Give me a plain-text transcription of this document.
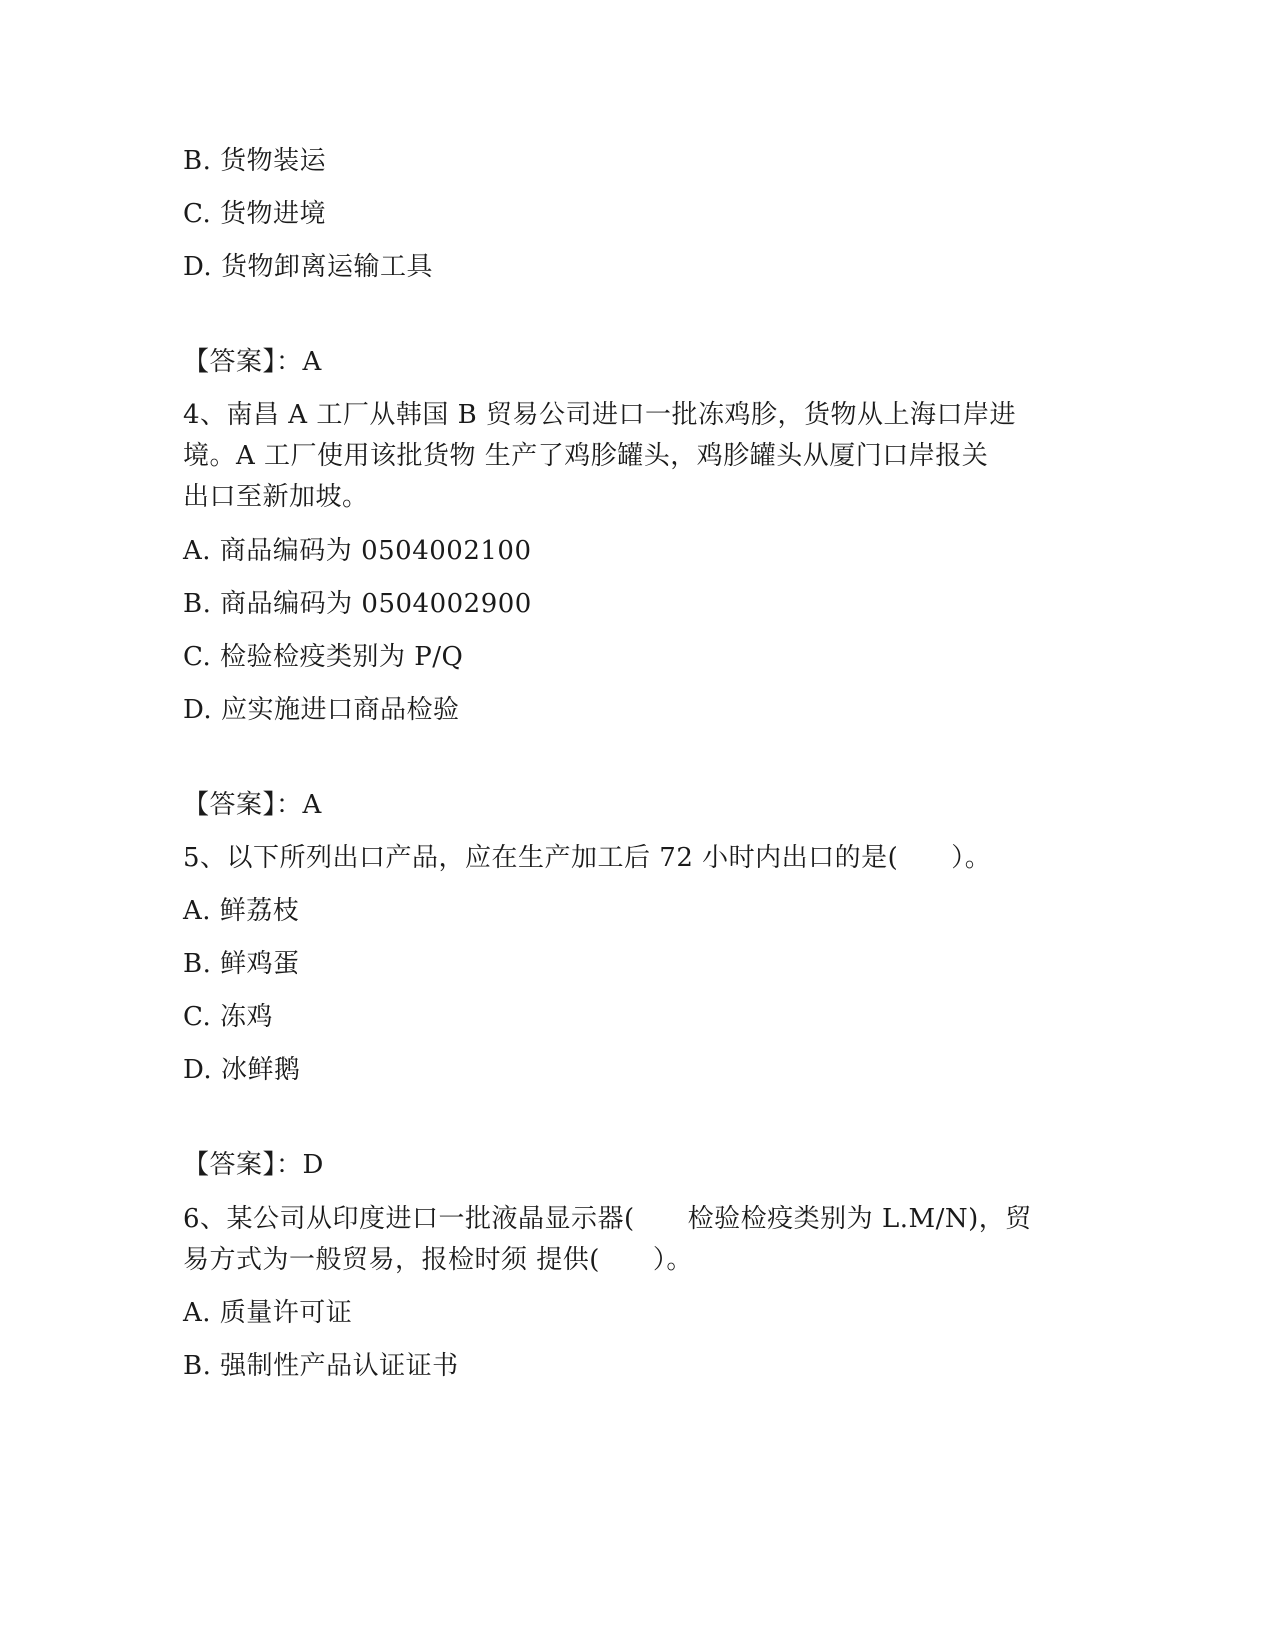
B. 货物装运
C. 货物进境
D. 货物卸离运输工具
【答案】：A
4、南昌 A 工厂从韩国 B 贸易公司进口一批冻鸡胗，货物从上海口岸进
境。A 工厂使用该批货物 生产了鸡胗罐头，鸡胗罐头从厦门口岸报关
出口至新加坡。
A. 商品编码为 0504002100
B. 商品编码为 0504002900
C. 检验检疫类别为 P/Q
D. 应实施进口商品检验
【答案】：A
5、以下所列出口产品，应在生产加工后 72 小时内出口的是(　　）。
A. 鲜荔枝
B. 鲜鸡蛋
C. 冻鸡
D. 冰鲜鹅
【答案】：D
6、某公司从印度进口一批液晶显示器(　　检验检疫类别为 L.M/N)，贸
易方式为一般贸易，报检时须 提供(　　）。
A. 质量许可证
B. 强制性产品认证证书
